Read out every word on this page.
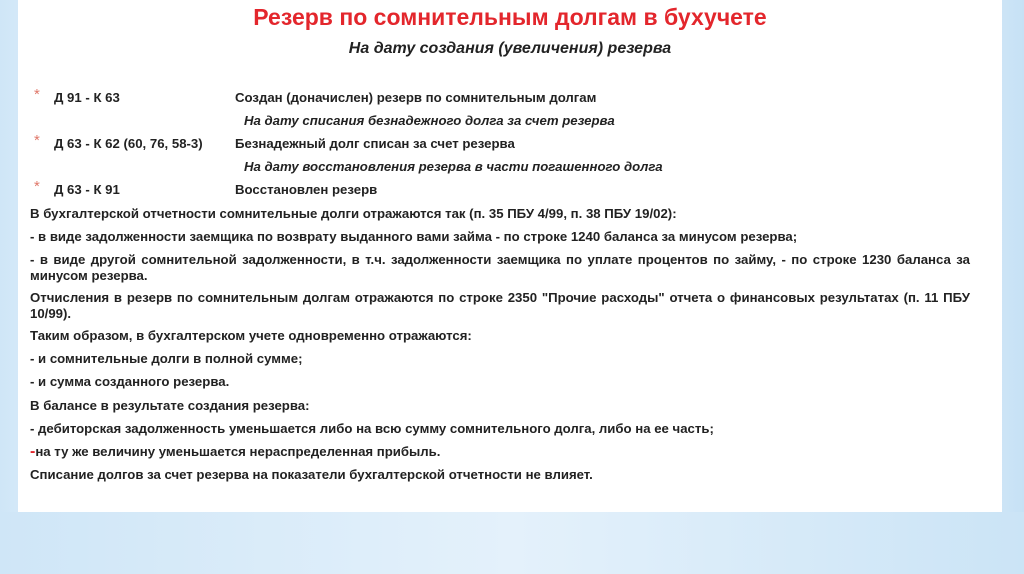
Резерв по сомнительным долгам в бухучете
На дату создания (увеличения) резерва
* Д 91 - К 63	Создан (доначислен) резерв по сомнительным долгам
На дату списания безнадежного долга за счет резерва
* Д 63 - К 62 (60, 76, 58-3) Безнадежный долг списан за счет резерва
На дату восстановления резерва в части погашенного долга
* Д 63 - К 91	Восстановлен резерв
В бухгалтерской отчетности сомнительные долги отражаются так (п. 35 ПБУ 4/99, п. 38 ПБУ 19/02):
- в виде задолженности заемщика по возврату выданного вами займа - по строке 1240 баланса за минусом резерва;
- в виде другой сомнительной задолженности, в т.ч. задолженности заемщика по уплате процентов по займу, - по строке 1230 баланса за минусом резерва.
Отчисления в резерв по сомнительным долгам отражаются по строке 2350 "Прочие расходы" отчета о финансовых результатах (п. 11 ПБУ 10/99).
Таким образом, в бухгалтерском учете одновременно отражаются:
- и сомнительные долги в полной сумме;
- и сумма созданного резерва.
В балансе в результате создания резерва:
- дебиторская задолженность уменьшается либо на всю сумму сомнительного долга, либо на ее часть;
-на ту же величину уменьшается нераспределенная прибыль.
Списание долгов за счет резерва на показатели бухгалтерской отчетности не влияет.
